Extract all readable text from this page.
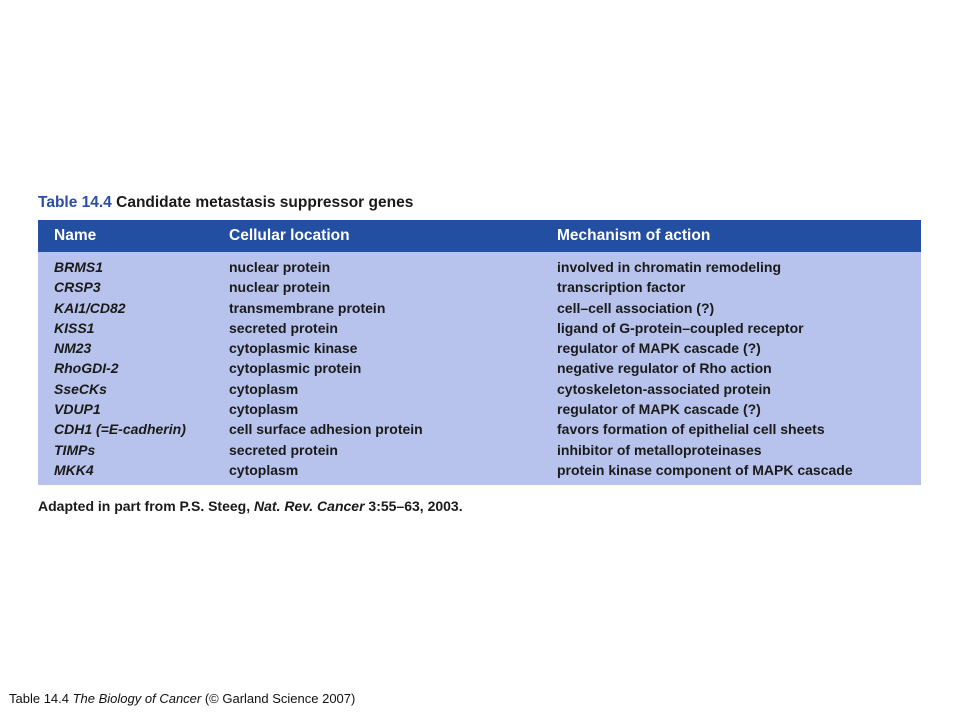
Table 14.4 Candidate metastasis suppressor genes
Name	Cellular location	Mechanism of action
BRMS1	nuclear protein	involved in chromatin remodeling
CRSP3	nuclear protein	transcription factor
KAI1/CD82	transmembrane protein	cell–cell association (?)
KISS1	secreted protein	ligand of G-protein–coupled receptor
NM23	cytoplasmic kinase	regulator of MAPK cascade (?)
RhoGDI-2	cytoplasmic protein	negative regulator of Rho action
SseCKs	cytoplasm	cytoskeleton-associated protein
VDUP1	cytoplasm	regulator of MAPK cascade (?)
CDH1 (=E-cadherin)	cell surface adhesion protein	favors formation of epithelial cell sheets
TIMPs	secreted protein	inhibitor of metalloproteinases
MKK4	cytoplasm	protein kinase component of MAPK cascade
Adapted in part from P.S. Steeg, Nat. Rev. Cancer 3:55–63, 2003.
Table 14.4 The Biology of Cancer (© Garland Science 2007)
